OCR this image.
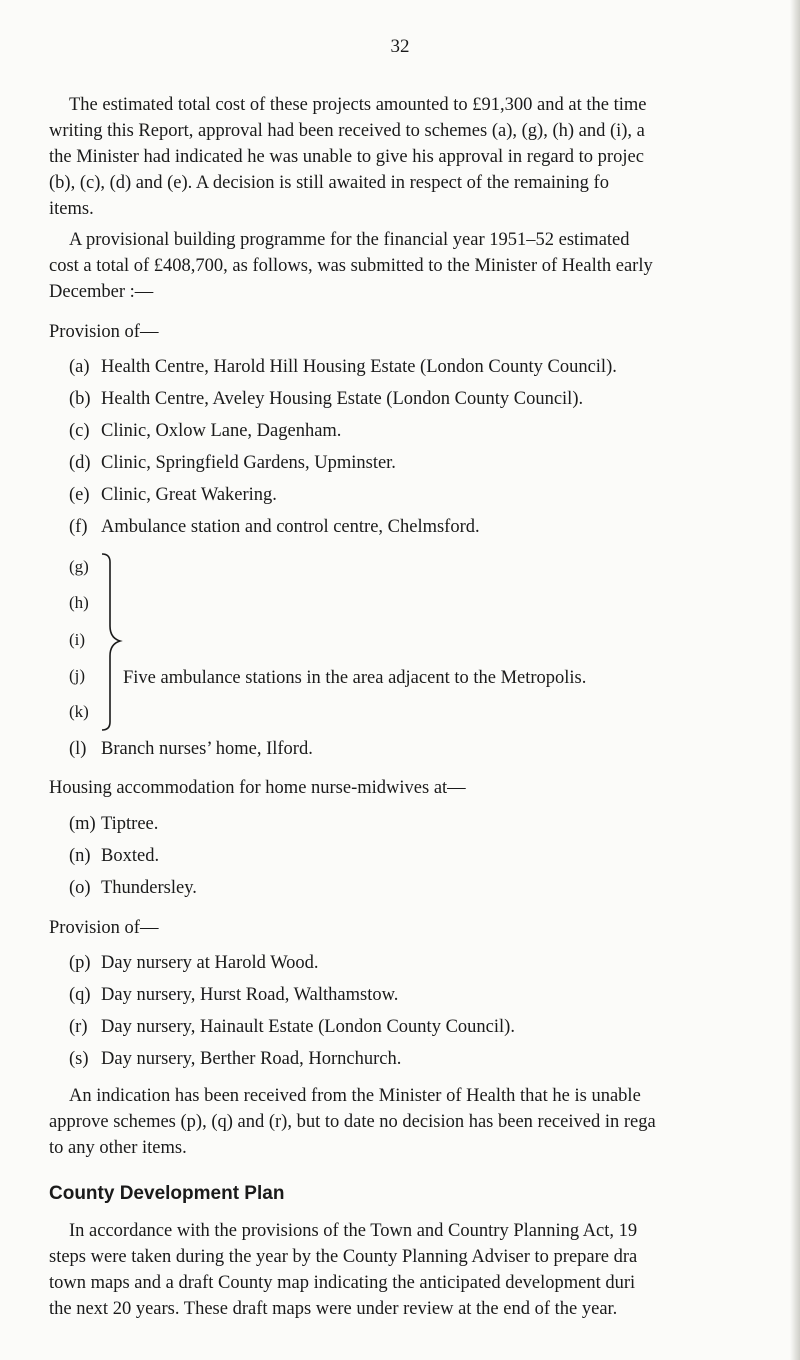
32
The estimated total cost of these projects amounted to £91,300 and at the time
writing this Report, approval had been received to schemes (a), (g), (h) and (i), a
the Minister had indicated he was unable to give his approval in regard to projec
(b), (c), (d) and (e). A decision is still awaited in respect of the remaining fo
items.
A provisional building programme for the financial year 1951–52 estimated
cost a total of £408,700, as follows, was submitted to the Minister of Health early
December :—
Provision of—
(a) Health Centre, Harold Hill Housing Estate (London County Council).
(b) Health Centre, Aveley Housing Estate (London County Council).
(c) Clinic, Oxlow Lane, Dagenham.
(d) Clinic, Springfield Gardens, Upminster.
(e) Clinic, Great Wakering.
(f) Ambulance station and control centre, Chelmsford.
(g)
(h)
(i)
(j)
(k)
Five ambulance stations in the area adjacent to the Metropolis.
(l) Branch nurses’ home, Ilford.
Housing accommodation for home nurse-midwives at—
(m) Tiptree.
(n) Boxted.
(o) Thundersley.
Provision of—
(p) Day nursery at Harold Wood.
(q) Day nursery, Hurst Road, Walthamstow.
(r) Day nursery, Hainault Estate (London County Council).
(s) Day nursery, Berther Road, Hornchurch.
An indication has been received from the Minister of Health that he is unable
approve schemes (p), (q) and (r), but to date no decision has been received in rega
to any other items.
County Development Plan
In accordance with the provisions of the Town and Country Planning Act, 19
steps were taken during the year by the County Planning Adviser to prepare dra
town maps and a draft County map indicating the anticipated development duri
the next 20 years. These draft maps were under review at the end of the year.
